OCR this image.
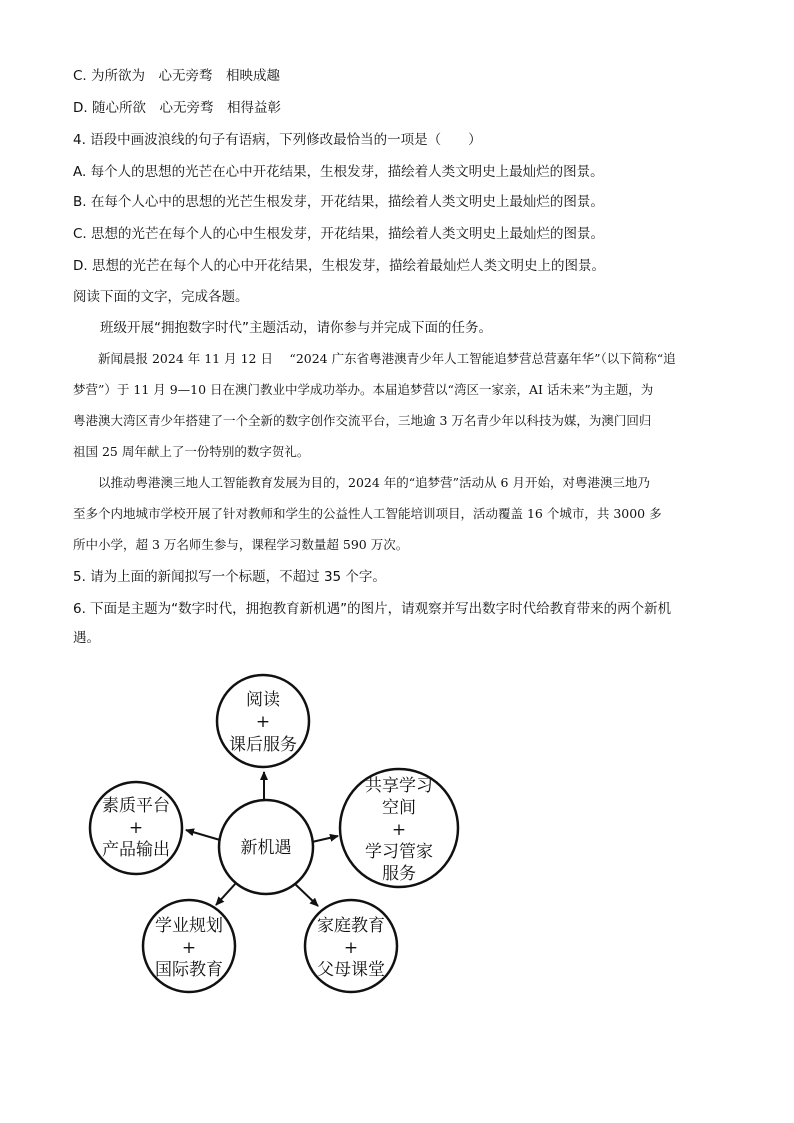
C. 为所欲为　心无旁骛　相映成趣
D. 随心所欲　心无旁骛　相得益彰
4. 语段中画波浪线的句子有语病，下列修改最恰当的一项是（　　）
A. 每个人的思想的光芒在心中开花结果，生根发芽，描绘着人类文明史上最灿烂的图景。
B. 在每个人心中的思想的光芒生根发芽，开花结果，描绘着人类文明史上最灿烂的图景。
C. 思想的光芒在每个人的心中生根发芽，开花结果，描绘着人类文明史上最灿烂的图景。
D. 思想的光芒在每个人的心中开花结果，生根发芽，描绘着最灿烂人类文明史上的图景。
阅读下面的文字，完成各题。
班级开展“拥抱数字时代”主题活动，请你参与并完成下面的任务。
新闻晨报 2024 年 11 月 12 日　 “2024 广东省粤港澳青少年人工智能追梦营总营嘉年华”（以下简称“追
梦营”）于 11 月 9—10 日在澳门教业中学成功举办。本届追梦营以“湾区一家亲，AI 话未来”为主题，为
粤港澳大湾区青少年搭建了一个全新的数字创作交流平台，三地逾 3 万名青少年以科技为媒，为澳门回归
祖国 25 周年献上了一份特别的数字贺礼。
以推动粤港澳三地人工智能教育发展为目的，2024 年的“追梦营”活动从 6 月开始，对粤港澳三地乃
至多个内地城市学校开展了针对教师和学生的公益性人工智能培训项目，活动覆盖 16 个城市，共 3000 多
所中小学，超 3 万名师生参与，课程学习数量超 590 万次。
5. 请为上面的新闻拟写一个标题，不超过 35 个字。
6. 下面是主题为“数字时代，拥抱教育新机遇”的图片，请观察并写出数字时代给教育带来的两个新机
遇。
新机遇
阅读
+
课后服务
素质平台
+
产品输出
共享学习
空间
+
学习管家
服务
学业规划
+
国际教育
家庭教育
+
父母课堂
